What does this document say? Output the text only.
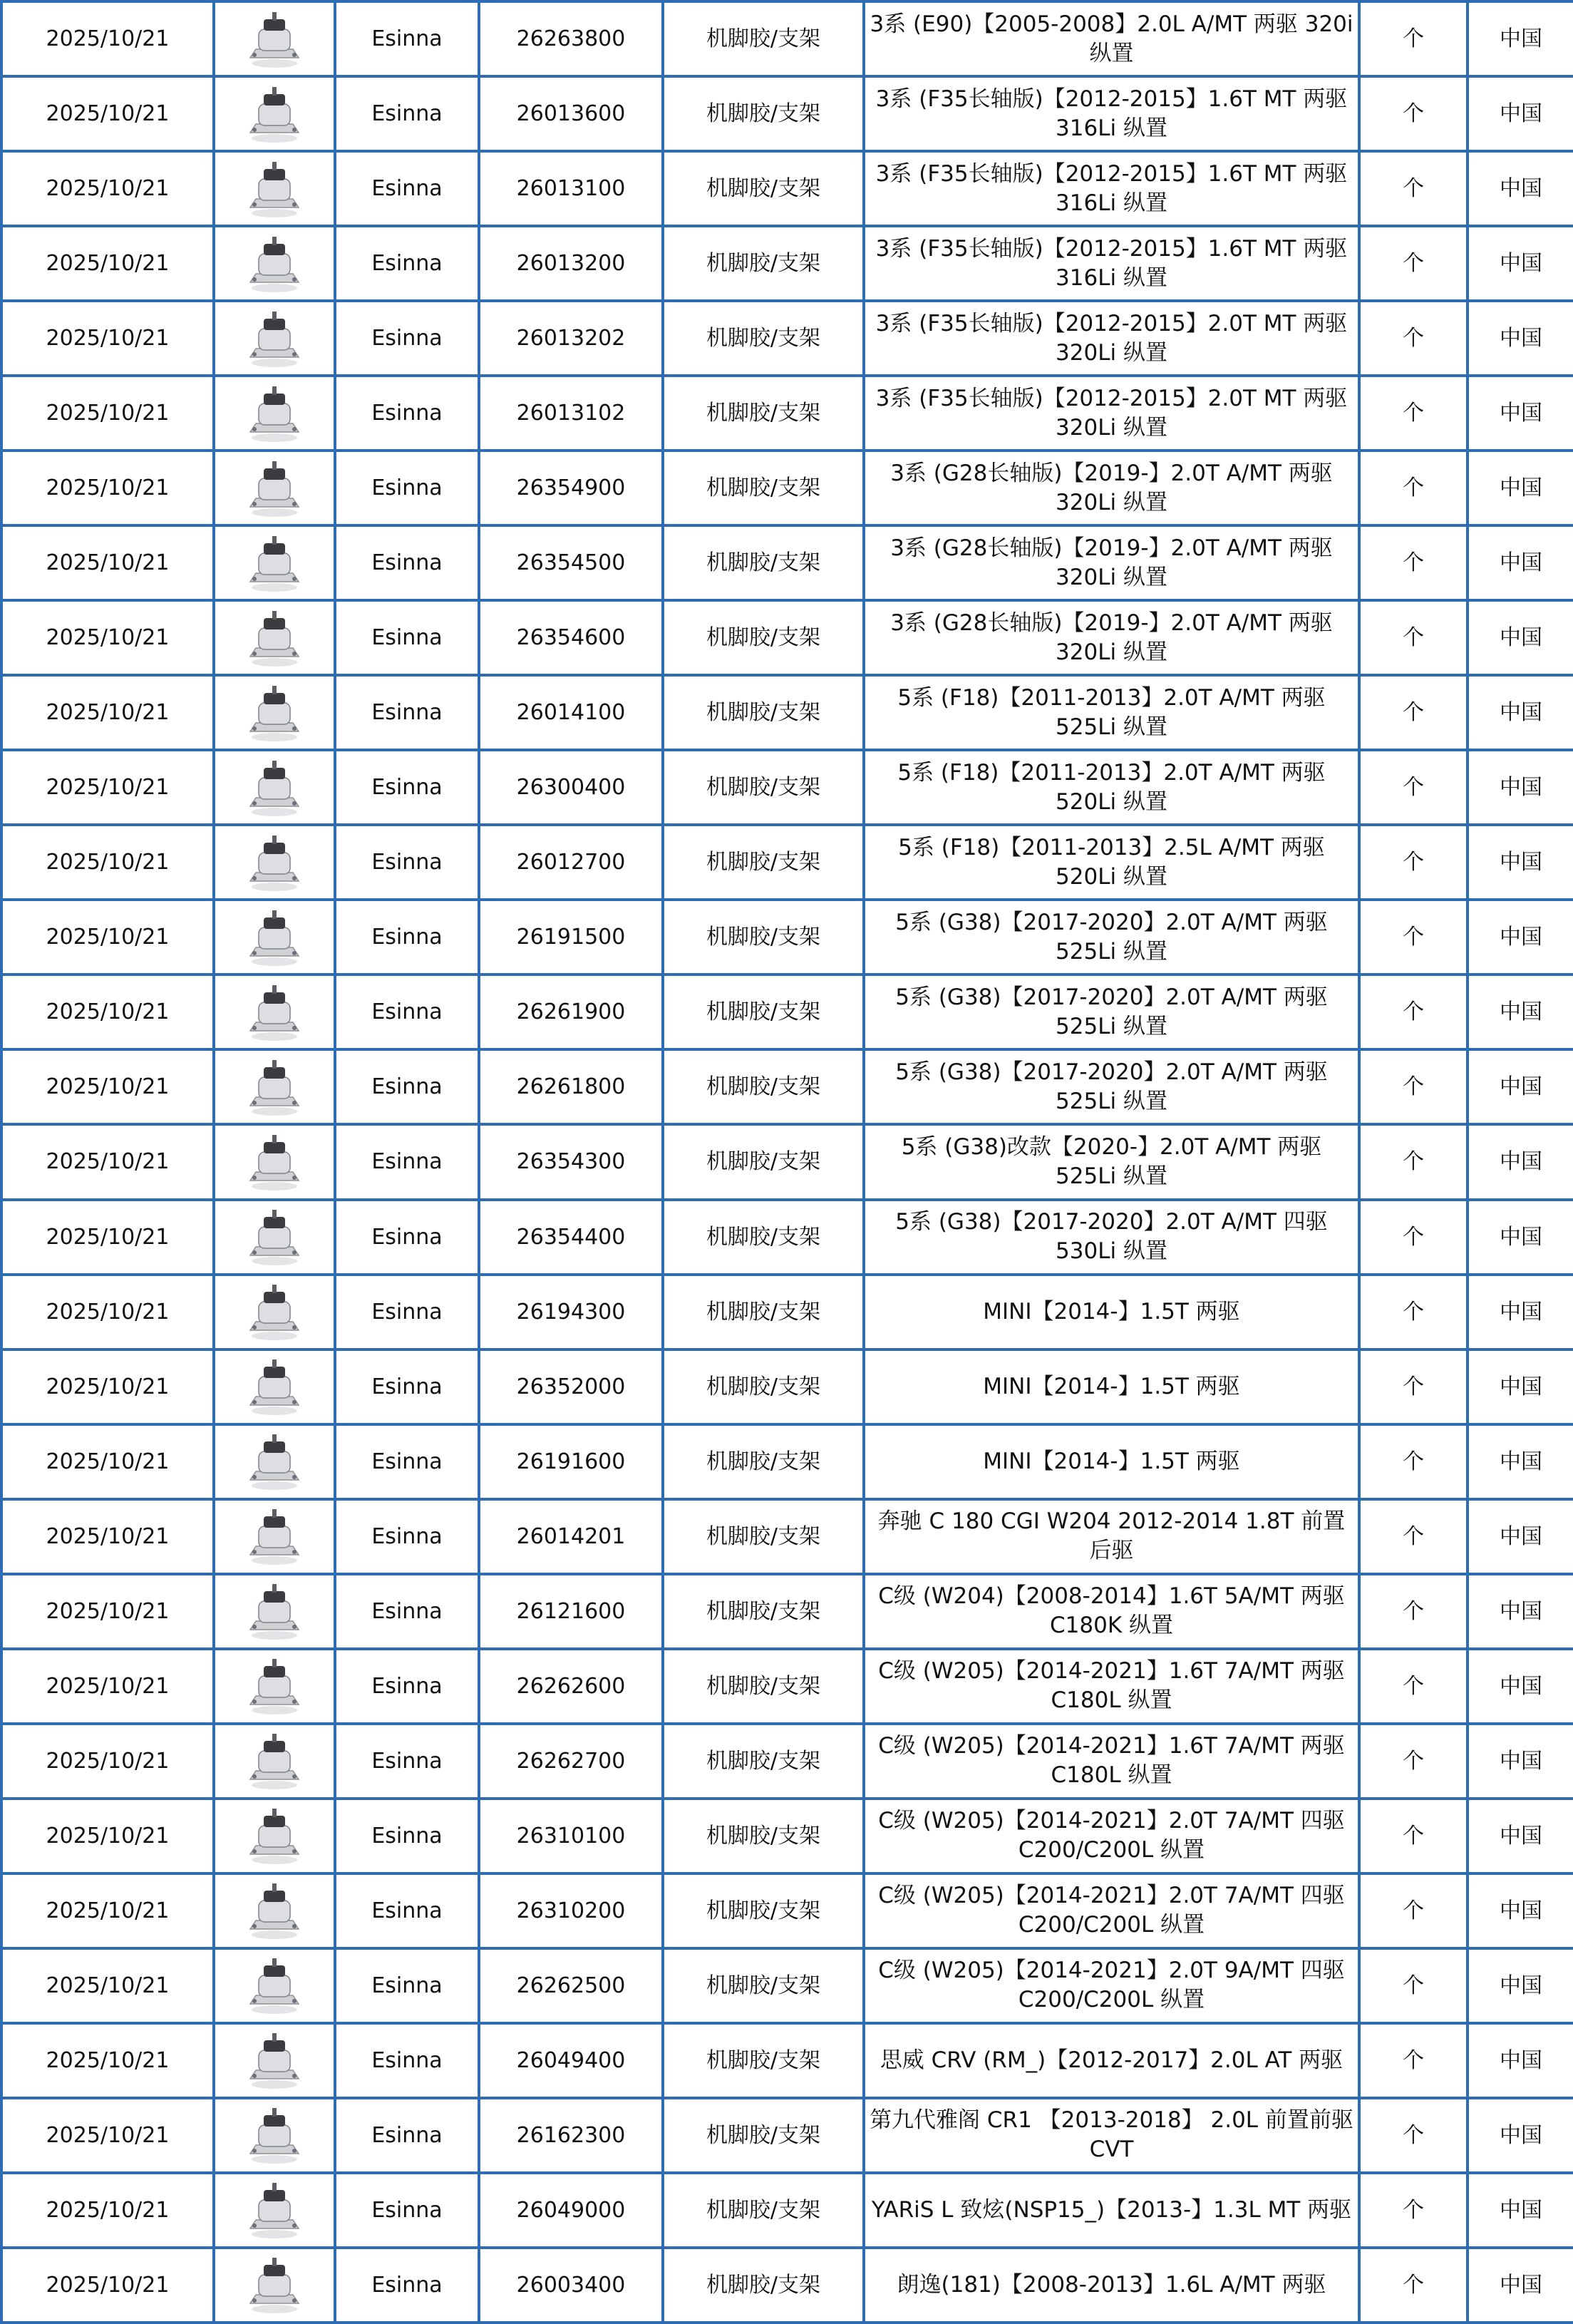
2025/10/21		Esinna	26263800	机脚胶/支架	3系 (E90)【2005-2008】2.0L A/MT 两驱 320i 纵置	个	中国
2025/10/21		Esinna	26013600	机脚胶/支架	3系 (F35长轴版)【2012-2015】1.6T MT 两驱 316Li 纵置	个	中国
2025/10/21		Esinna	26013100	机脚胶/支架	3系 (F35长轴版)【2012-2015】1.6T MT 两驱 316Li 纵置	个	中国
2025/10/21		Esinna	26013200	机脚胶/支架	3系 (F35长轴版)【2012-2015】1.6T MT 两驱 316Li 纵置	个	中国
2025/10/21		Esinna	26013202	机脚胶/支架	3系 (F35长轴版)【2012-2015】2.0T MT 两驱 320Li 纵置	个	中国
2025/10/21		Esinna	26013102	机脚胶/支架	3系 (F35长轴版)【2012-2015】2.0T MT 两驱 320Li 纵置	个	中国
2025/10/21		Esinna	26354900	机脚胶/支架	3系 (G28长轴版)【2019-】2.0T A/MT 两驱 320Li 纵置	个	中国
2025/10/21		Esinna	26354500	机脚胶/支架	3系 (G28长轴版)【2019-】2.0T A/MT 两驱 320Li 纵置	个	中国
2025/10/21		Esinna	26354600	机脚胶/支架	3系 (G28长轴版)【2019-】2.0T A/MT 两驱 320Li 纵置	个	中国
2025/10/21		Esinna	26014100	机脚胶/支架	5系 (F18)【2011-2013】2.0T A/MT 两驱 525Li 纵置	个	中国
2025/10/21		Esinna	26300400	机脚胶/支架	5系 (F18)【2011-2013】2.0T A/MT 两驱 520Li 纵置	个	中国
2025/10/21		Esinna	26012700	机脚胶/支架	5系 (F18)【2011-2013】2.5L A/MT 两驱 520Li 纵置	个	中国
2025/10/21		Esinna	26191500	机脚胶/支架	5系 (G38)【2017-2020】2.0T A/MT 两驱 525Li 纵置	个	中国
2025/10/21		Esinna	26261900	机脚胶/支架	5系 (G38)【2017-2020】2.0T A/MT 两驱 525Li 纵置	个	中国
2025/10/21		Esinna	26261800	机脚胶/支架	5系 (G38)【2017-2020】2.0T A/MT 两驱 525Li 纵置	个	中国
2025/10/21		Esinna	26354300	机脚胶/支架	5系 (G38)改款【2020-】2.0T A/MT 两驱 525Li 纵置	个	中国
2025/10/21		Esinna	26354400	机脚胶/支架	5系 (G38)【2017-2020】2.0T A/MT 四驱 530Li 纵置	个	中国
2025/10/21		Esinna	26194300	机脚胶/支架	MINI【2014-】1.5T 两驱	个	中国
2025/10/21		Esinna	26352000	机脚胶/支架	MINI【2014-】1.5T 两驱	个	中国
2025/10/21		Esinna	26191600	机脚胶/支架	MINI【2014-】1.5T 两驱	个	中国
2025/10/21		Esinna	26014201	机脚胶/支架	奔驰 C 180 CGI W204 2012-2014 1.8T 前置后驱	个	中国
2025/10/21		Esinna	26121600	机脚胶/支架	C级 (W204)【2008-2014】1.6T 5A/MT 两驱 C180K 纵置	个	中国
2025/10/21		Esinna	26262600	机脚胶/支架	C级 (W205)【2014-2021】1.6T 7A/MT 两驱 C180L 纵置	个	中国
2025/10/21		Esinna	26262700	机脚胶/支架	C级 (W205)【2014-2021】1.6T 7A/MT 两驱 C180L 纵置	个	中国
2025/10/21		Esinna	26310100	机脚胶/支架	C级 (W205)【2014-2021】2.0T 7A/MT 四驱 C200/C200L 纵置	个	中国
2025/10/21		Esinna	26310200	机脚胶/支架	C级 (W205)【2014-2021】2.0T 7A/MT 四驱 C200/C200L 纵置	个	中国
2025/10/21		Esinna	26262500	机脚胶/支架	C级 (W205)【2014-2021】2.0T 9A/MT 四驱 C200/C200L 纵置	个	中国
2025/10/21		Esinna	26049400	机脚胶/支架	思威 CRV (RM_)【2012-2017】2.0L AT 两驱	个	中国
2025/10/21		Esinna	26162300	机脚胶/支架	第九代雅阁 CR1 【2013-2018】 2.0L 前置前驱 CVT	个	中国
2025/10/21		Esinna	26049000	机脚胶/支架	YARiS L 致炫(NSP15_)【2013-】1.3L MT 两驱	个	中国
2025/10/21		Esinna	26003400	机脚胶/支架	朗逸(181)【2008-2013】1.6L A/MT 两驱	个	中国
